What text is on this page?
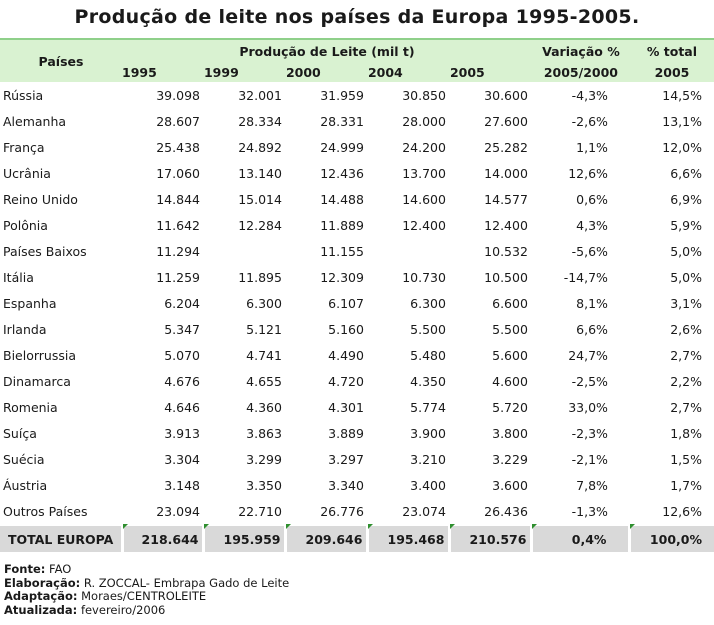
Produção de leite nos países da Europa 1995-2005.
Países	Produção de Leite (mil t)					Variação %	% total
	1995	1999	2000	2004	2005	2005/2000	2005
Rússia	39.098	32.001	31.959	30.850	30.600	-4,3%	14,5%
Alemanha	28.607	28.334	28.331	28.000	27.600	-2,6%	13,1%
França	25.438	24.892	24.999	24.200	25.282	1,1%	12,0%
Ucrânia	17.060	13.140	12.436	13.700	14.000	12,6%	6,6%
Reino Unido	14.844	15.014	14.488	14.600	14.577	0,6%	6,9%
Polônia	11.642	12.284	11.889	12.400	12.400	4,3%	5,9%
Países Baixos	11.294		11.155		10.532	-5,6%	5,0%
Itália	11.259	11.895	12.309	10.730	10.500	-14,7%	5,0%
Espanha	6.204	6.300	6.107	6.300	6.600	8,1%	3,1%
Irlanda	5.347	5.121	5.160	5.500	5.500	6,6%	2,6%
Bielorrussia	5.070	4.741	4.490	5.480	5.600	24,7%	2,7%
Dinamarca	4.676	4.655	4.720	4.350	4.600	-2,5%	2,2%
Romenia	4.646	4.360	4.301	5.774	5.720	33,0%	2,7%
Suíça	3.913	3.863	3.889	3.900	3.800	-2,3%	1,8%
Suécia	3.304	3.299	3.297	3.210	3.229	-2,1%	1,5%
Áustria	3.148	3.350	3.340	3.400	3.600	7,8%	1,7%
Outros Países	23.094	22.710	26.776	23.074	26.436	-1,3%	12,6%
TOTAL EUROPA	218.644	195.959	209.646	195.468	210.576	0,4%	100,0%
Fonte: FAO
Elaboração: R. ZOCCAL- Embrapa Gado de Leite
Adaptação: Moraes/CENTROLEITE
Atualizada: fevereiro/2006
